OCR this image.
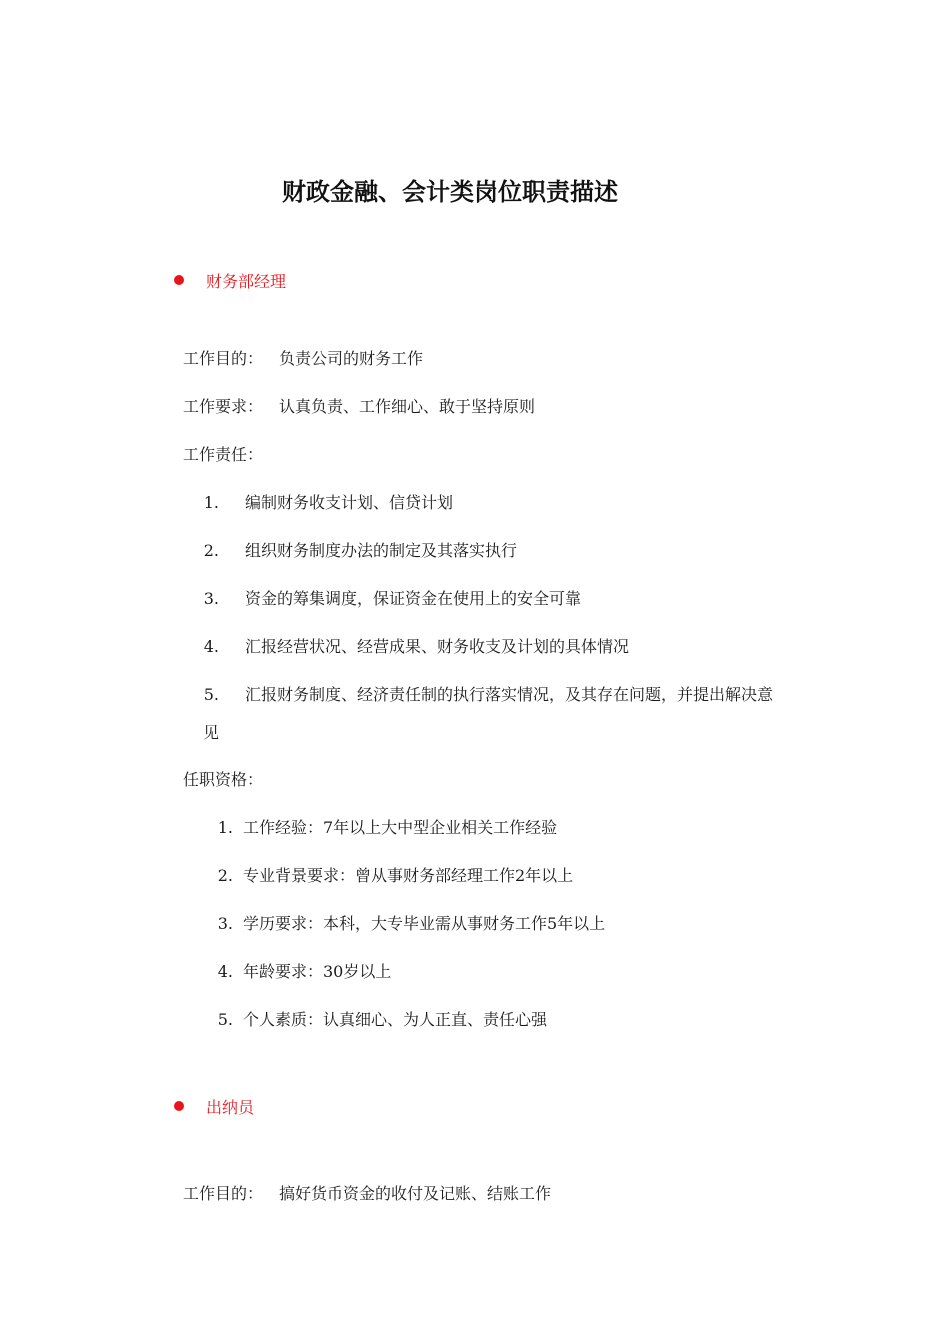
财政金融、会计类岗位职责描述
财务部经理
工作目的： 负责公司的财务工作
工作要求： 认真负责、工作细心、敢于坚持原则
工作责任：
1. 编制财务收支计划、信贷计划
2. 组织财务制度办法的制定及其落实执行
3. 资金的筹集调度，保证资金在使用上的安全可靠
4. 汇报经营状况、经营成果、财务收支及计划的具体情况
5. 汇报财务制度、经济责任制的执行落实情况，及其存在问题，并提出解决意
见
任职资格：
1. 工作经验：7年以上大中型企业相关工作经验
2. 专业背景要求：曾从事财务部经理工作2年以上
3. 学历要求：本科，大专毕业需从事财务工作5年以上
4. 年龄要求：30岁以上
5. 个人素质：认真细心、为人正直、责任心强
出纳员
工作目的： 搞好货币资金的收付及记账、结账工作
